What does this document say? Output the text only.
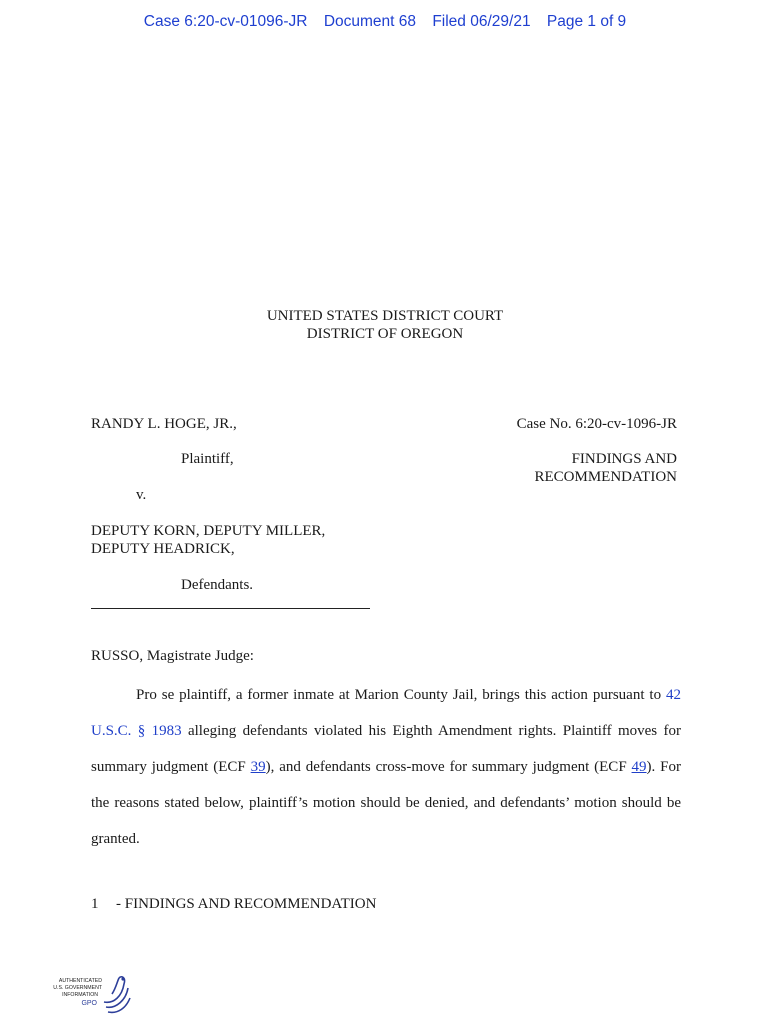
Case 6:20-cv-01096-JR Document 68 Filed 06/29/21 Page 1 of 9
UNITED STATES DISTRICT COURT
DISTRICT OF OREGON
RANDY L. HOGE, JR.,
Plaintiff,
v.
DEPUTY KORN, DEPUTY MILLER,
DEPUTY HEADRICK,
Defendants.
Case No. 6:20-cv-1096-JR
FINDINGS AND
RECOMMENDATION
RUSSO, Magistrate Judge:
Pro se plaintiff, a former inmate at Marion County Jail, brings this action pursuant to 42 U.S.C. § 1983 alleging defendants violated his Eighth Amendment rights. Plaintiff moves for summary judgment (ECF 39), and defendants cross-move for summary judgment (ECF 49). For the reasons stated below, plaintiff’s motion should be denied, and defendants’ motion should be granted.
1 - FINDINGS AND RECOMMENDATION
AUTHENTICATED
U.S. GOVERNMENT
INFORMATION
GPO
